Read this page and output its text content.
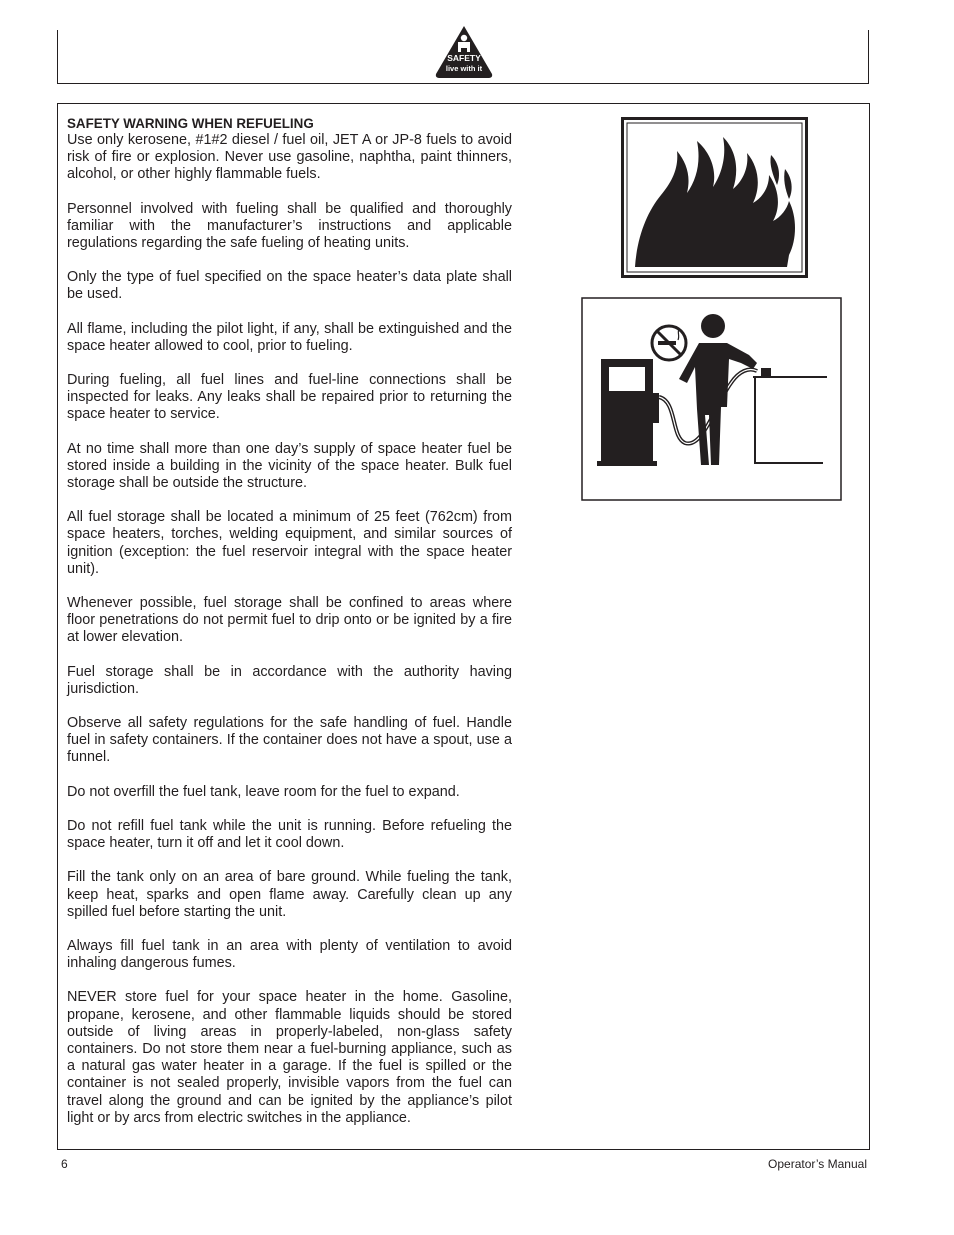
SAFETY
live with it

SAFETY WARNING WHEN REFUELING

Use only kerosene, #1#2 diesel / fuel oil, JET A or JP-8 fuels to avoid risk of fire or explosion. Never use gasoline, naphtha, paint thinners, alcohol, or other highly flammable fuels.

Personnel involved with fueling shall be qualified and thoroughly familiar with the manufacturer’s instructions and applicable regulations regarding the safe fueling of heating units.

Only the type of fuel specified on the space heater’s data plate shall be used.

All flame, including the pilot light, if any, shall be extinguished and the space heater allowed to cool, prior to fueling.

During fueling, all fuel lines and fuel-line connections shall be inspected for leaks. Any leaks shall be repaired prior to returning the space heater to service.

At no time shall more than one day’s supply of space heater fuel be stored inside a building in the vicinity of the space heater. Bulk fuel storage shall be outside the structure.

All fuel storage shall be located a minimum of 25 feet (762cm) from space heaters, torches, welding equipment, and similar sources of ignition (exception: the fuel reservoir integral with the space heater unit).

Whenever possible, fuel storage shall be confined to areas where floor penetrations do not permit fuel to drip onto or be ignited by a fire at lower elevation.

Fuel storage shall be in accordance with the authority having jurisdiction.

Observe all safety regulations for the safe handling of fuel. Handle fuel in safety containers. If the container does not have a spout, use a funnel.

Do not overfill the fuel tank, leave room for the fuel to expand.

Do not refill fuel tank while the unit is running. Before refueling the space heater, turn it off and let it cool down.

Fill the tank only on an area of bare ground. While fueling the tank, keep heat, sparks and open flame away. Carefully clean up any spilled fuel before starting the unit.

Always fill fuel tank in an area with plenty of ventilation to avoid inhaling dangerous fumes.

NEVER store fuel for your space heater in the home. Gasoline, propane, kerosene, and other flammable liquids should be stored outside of living areas in properly-labeled, non-glass safety containers. Do not store them near a fuel-burning appliance, such as a natural gas water heater in a garage. If the fuel is spilled or the container is not sealed properly, invisible vapors from the fuel can travel along the ground and can be ignited by the appliance’s pilot light or by arcs from electric switches in the appliance.

6	Operator’s Manual
